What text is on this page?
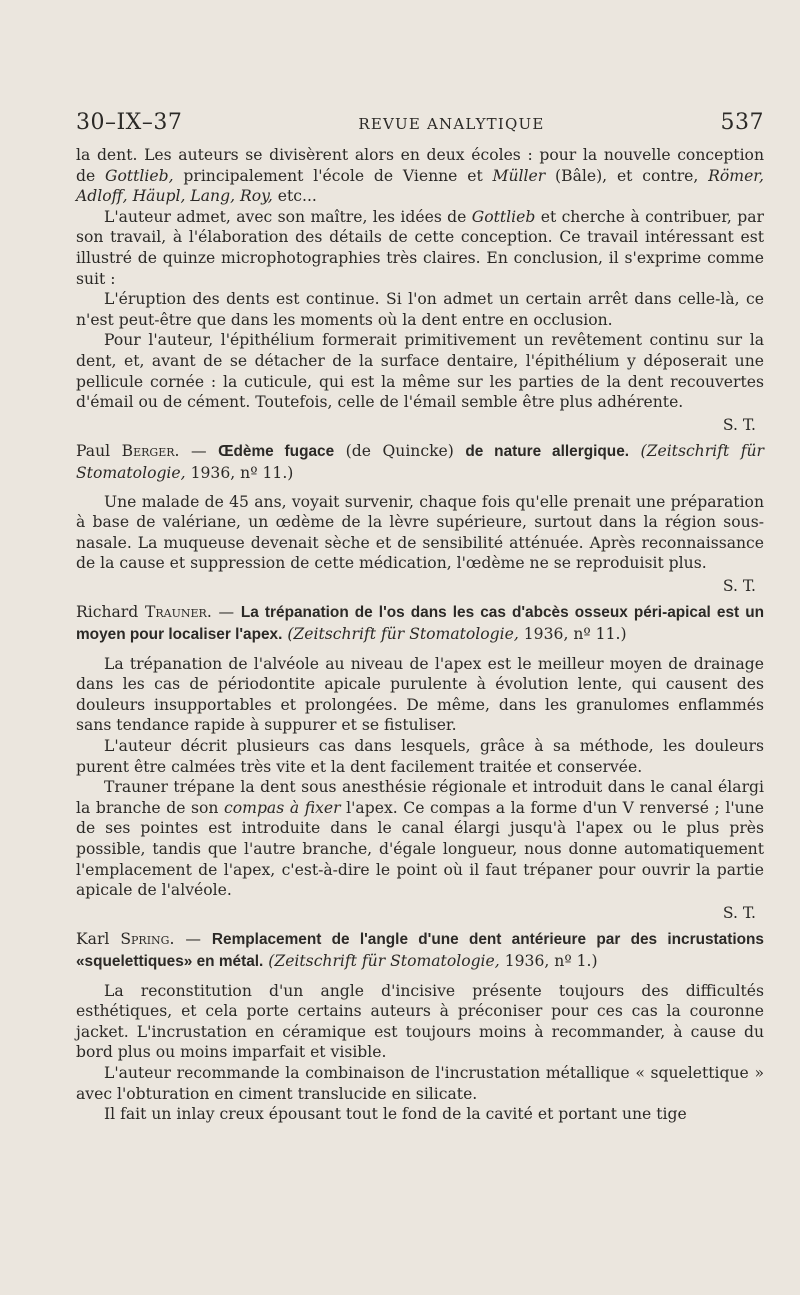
30–IX–37	REVUE ANALYTIQUE	537

la dent. Les auteurs se divisèrent alors en deux écoles : pour la nouvelle conception de Gottlieb, principalement l'école de Vienne et Müller (Bâle), et contre, Römer, Adloff, Häupl, Lang, Roy, etc...

L'auteur admet, avec son maître, les idées de Gottlieb et cherche à contribuer, par son travail, à l'élaboration des détails de cette conception. Ce travail intéressant est illustré de quinze microphotographies très claires. En conclusion, il s'exprime comme suit :

L'éruption des dents est continue. Si l'on admet un certain arrêt dans celle-là, ce n'est peut-être que dans les moments où la dent entre en occlusion.

Pour l'auteur, l'épithélium formerait primitivement un revêtement continu sur la dent, et, avant de se détacher de la surface dentaire, l'épithélium y déposerait une pellicule cornée : la cuticule, qui est la même sur les parties de la dent recouvertes d'émail ou de cément. Toutefois, celle de l'émail semble être plus adhérente.

S. T.

Paul Berger. — Œdème fugace (de Quincke) de nature allergique. (Zeitschrift für Stomatologie, 1936, nº 11.)

Une malade de 45 ans, voyait survenir, chaque fois qu'elle prenait une préparation à base de valériane, un œdème de la lèvre supérieure, surtout dans la région sous-nasale. La muqueuse devenait sèche et de sensibilité atténuée. Après reconnaissance de la cause et suppression de cette médication, l'œdème ne se reproduisit plus.

S. T.

Richard Trauner. — La trépanation de l'os dans les cas d'abcès osseux péri-apical est un moyen pour localiser l'apex. (Zeitschrift für Stomatologie, 1936, nº 11.)

La trépanation de l'alvéole au niveau de l'apex est le meilleur moyen de drainage dans les cas de périodontite apicale purulente à évolution lente, qui causent des douleurs insupportables et prolongées. De même, dans les granulomes enflammés sans tendance rapide à suppurer et se fistuliser.

L'auteur décrit plusieurs cas dans lesquels, grâce à sa méthode, les douleurs purent être calmées très vite et la dent facilement traitée et conservée.

Trauner trépane la dent sous anesthésie régionale et introduit dans le canal élargi la branche de son compas à fixer l'apex. Ce compas a la forme d'un V renversé ; l'une de ses pointes est introduite dans le canal élargi jusqu'à l'apex ou le plus près possible, tandis que l'autre branche, d'égale longueur, nous donne automatiquement l'emplacement de l'apex, c'est-à-dire le point où il faut trépaner pour ouvrir la partie apicale de l'alvéole.

S. T.

Karl Spring. — Remplacement de l'angle d'une dent antérieure par des incrustations «squelettiques» en métal. (Zeitschrift für Stomatologie, 1936, nº 1.)

La reconstitution d'un angle d'incisive présente toujours des difficultés esthétiques, et cela porte certains auteurs à préconiser pour ces cas la couronne jacket. L'incrustation en céramique est toujours moins à recommander, à cause du bord plus ou moins imparfait et visible.

L'auteur recommande la combinaison de l'incrustation métallique « squelettique » avec l'obturation en ciment translucide en silicate.

Il fait un inlay creux épousant tout le fond de la cavité et portant une tige
